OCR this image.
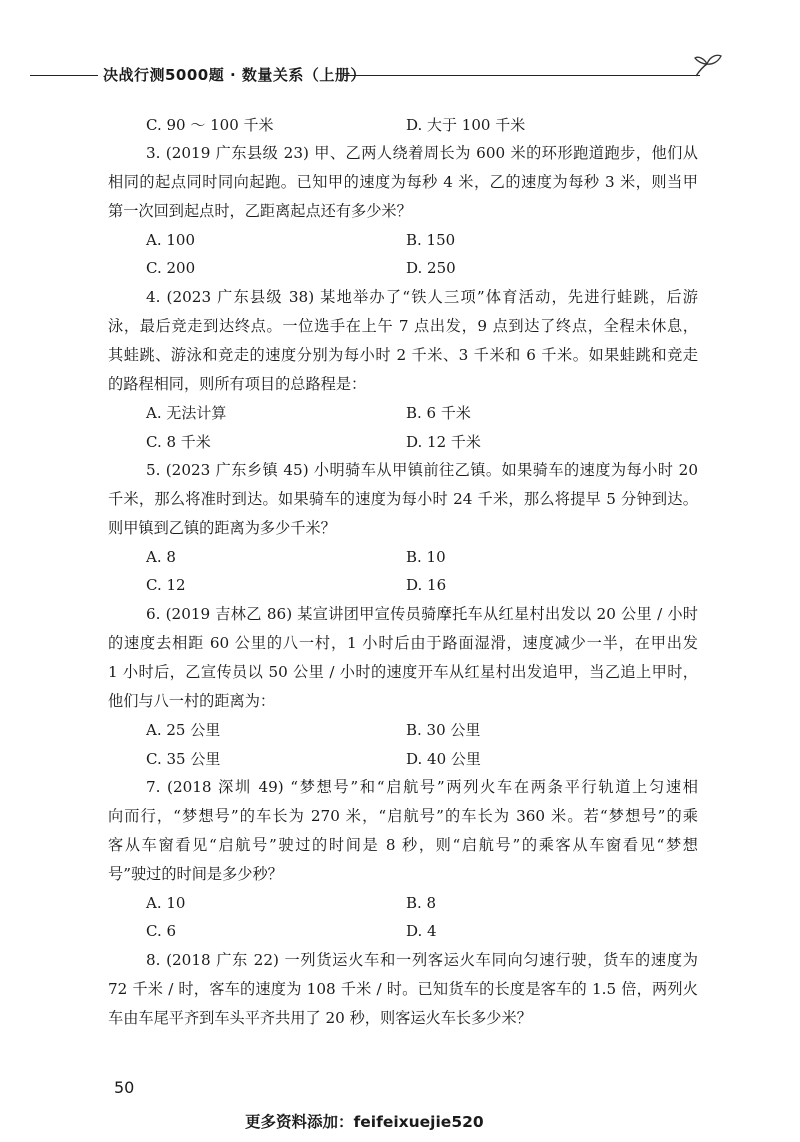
决战行测5000题 · 数量关系（上册）
C. 90 ～ 100 千米	D. 大于 100 千米
3. (2019 广东县级 23) 甲、乙两人绕着周长为 600 米的环形跑道跑步，他们从
相同的起点同时同向起跑。已知甲的速度为每秒 4 米，乙的速度为每秒 3 米，则当甲
第一次回到起点时，乙距离起点还有多少米？
A. 100	B. 150
C. 200	D. 250
4. (2023 广东县级 38) 某地举办了“铁人三项”体育活动，先进行蛙跳，后游
泳，最后竞走到达终点。一位选手在上午 7 点出发，9 点到达了终点，全程未休息，
其蛙跳、游泳和竞走的速度分别为每小时 2 千米、3 千米和 6 千米。如果蛙跳和竞走
的路程相同，则所有项目的总路程是：
A. 无法计算	B. 6 千米
C. 8 千米	D. 12 千米
5. (2023 广东乡镇 45) 小明骑车从甲镇前往乙镇。如果骑车的速度为每小时 20
千米，那么将准时到达。如果骑车的速度为每小时 24 千米，那么将提早 5 分钟到达。
则甲镇到乙镇的距离为多少千米？
A. 8	B. 10
C. 12	D. 16
6. (2019 吉林乙 86) 某宣讲团甲宣传员骑摩托车从红星村出发以 20 公里 / 小时
的速度去相距 60 公里的八一村，1 小时后由于路面湿滑，速度减少一半，在甲出发
1 小时后，乙宣传员以 50 公里 / 小时的速度开车从红星村出发追甲，当乙追上甲时，
他们与八一村的距离为：
A. 25 公里	B. 30 公里
C. 35 公里	D. 40 公里
7. (2018 深圳 49) “梦想号”和“启航号”两列火车在两条平行轨道上匀速相
向而行，“梦想号”的车长为 270 米，“启航号”的车长为 360 米。若“梦想号”的乘
客从车窗看见“启航号”驶过的时间是 8 秒，则“启航号”的乘客从车窗看见“梦想
号”驶过的时间是多少秒？
A. 10	B. 8
C. 6	D. 4
8. (2018 广东 22) 一列货运火车和一列客运火车同向匀速行驶，货车的速度为
72 千米 / 时，客车的速度为 108 千米 / 时。已知货车的长度是客车的 1.5 倍，两列火
车由车尾平齐到车头平齐共用了 20 秒，则客运火车长多少米？
50
更多资料添加：feifeixuejie520
